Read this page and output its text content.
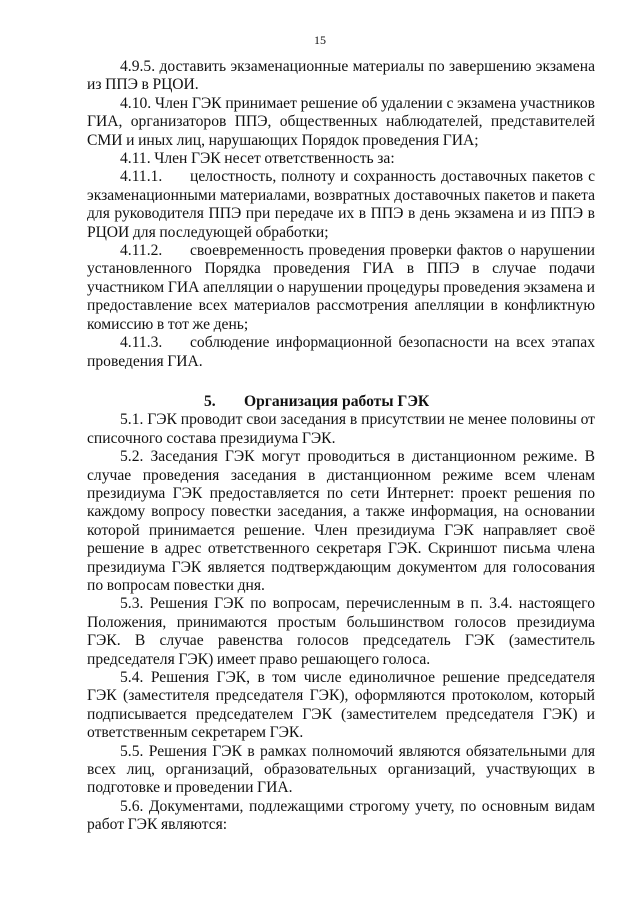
15

4.9.5. доставить экзаменационные материалы по завершению экзамена из ППЭ в РЦОИ.

4.10. Член ГЭК принимает решение об удалении с экзамена участников ГИА, организаторов ППЭ, общественных наблюдателей, представителей СМИ и иных лиц, нарушающих Порядок проведения ГИА;

4.11. Член ГЭК несет ответственность за:

4.11.1. целостность, полноту и сохранность доставочных пакетов с экзаменационными материалами, возвратных доставочных пакетов и пакета для руководителя ППЭ при передаче их в ППЭ в день экзамена и из ППЭ в РЦОИ для последующей обработки;

4.11.2. своевременность проведения проверки фактов о нарушении установленного Порядка проведения ГИА в ППЭ в случае подачи участником ГИА апелляции о нарушении процедуры проведения экзамена и предоставление всех материалов рассмотрения апелляции в конфликтную комиссию в тот же день;

4.11.3. соблюдение информационной безопасности на всех этапах проведения ГИА.

5. Организация работы ГЭК

5.1. ГЭК проводит свои заседания в присутствии не менее половины от списочного состава президиума ГЭК.

5.2. Заседания ГЭК могут проводиться в дистанционном режиме. В случае проведения заседания в дистанционном режиме всем членам президиума ГЭК предоставляется по сети Интернет: проект решения по каждому вопросу повестки заседания, а также информация, на основании которой принимается решение. Член президиума ГЭК направляет своё решение в адрес ответственного секретаря ГЭК. Скриншот письма члена президиума ГЭК является подтверждающим документом для голосования по вопросам повестки дня.

5.3. Решения ГЭК по вопросам, перечисленным в п. 3.4. настоящего Положения, принимаются простым большинством голосов президиума ГЭК. В случае равенства голосов председатель ГЭК (заместитель председателя ГЭК) имеет право решающего голоса.

5.4. Решения ГЭК, в том числе единоличное решение председателя ГЭК (заместителя председателя ГЭК), оформляются протоколом, который подписывается председателем ГЭК (заместителем председателя ГЭК) и ответственным секретарем ГЭК.

5.5. Решения ГЭК в рамках полномочий являются обязательными для всех лиц, организаций, образовательных организаций, участвующих в подготовке и проведении ГИА.

5.6. Документами, подлежащими строгому учету, по основным видам работ ГЭК являются:
